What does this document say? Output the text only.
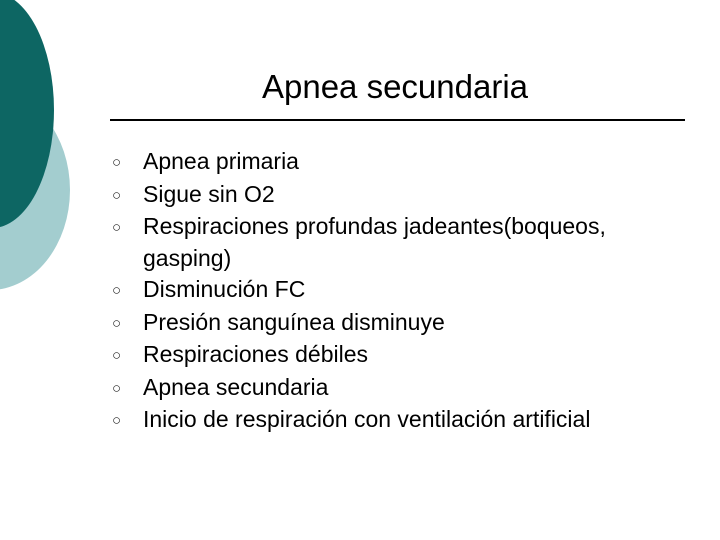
Apnea secundaria
○ Apnea primaria
○ Sigue sin O2
○ Respiraciones profundas jadeantes(boqueos, gasping)
○ Disminución FC
○ Presión sanguínea disminuye
○ Respiraciones débiles
○ Apnea secundaria
○ Inicio de respiración con ventilación artificial
